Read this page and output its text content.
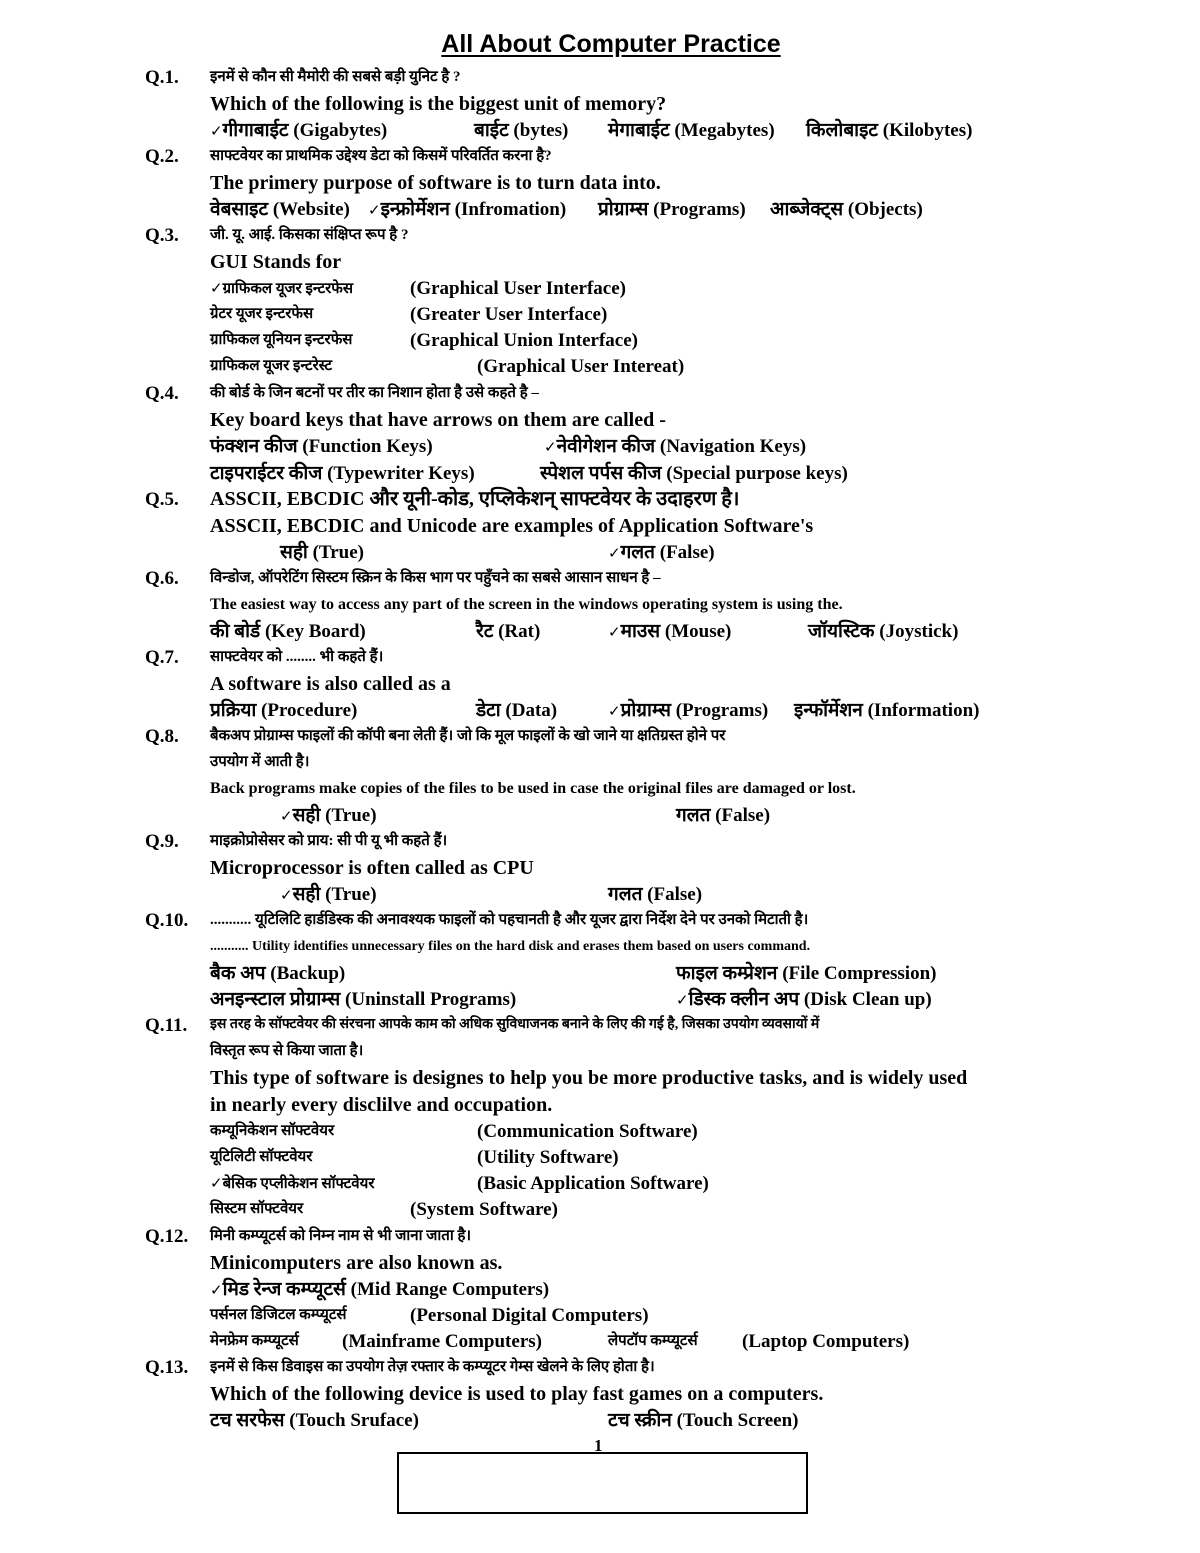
All About Computer Practice
Q.1. इनमें से कौन सी मैमोरी की सबसे बड़ी युनिट है ?
Which of the following is the biggest unit of memory?
✓गीगाबाईट (Gigabytes)	बाईट (bytes) मेगाबाईट (Megabytes) किलोबाइट (Kilobytes)
Q.2. साफ्टवेयर का प्राथमिक उद्देश्य डेटा को किसमें परिवर्तित करना है?
The primery purpose of software is to turn data into.
वेबसाइट (Website) ✓इन्फ्रोर्मेशन (Infromation) प्रोग्राम्स (Programs) आब्जेक्ट्स (Objects)
Q.3. जी. यू. आई. किसका संक्षिप्त रूप है ?
GUI Stands for
✓ग्राफिकल यूजर इन्टरफेस	(Graphical User Interface)
ग्रेटर यूजर इन्टरफेस	(Greater User Interface)
ग्राफिकल यूनियन इन्टरफेस	(Graphical Union Interface)
ग्राफिकल यूजर इन्टरेस्ट	(Graphical User Intereat)
Q.4. की बोर्ड के जिन बटनों पर तीर का निशान होता है उसे कहते है –
Key board keys that have arrows on them are called -
फंक्शन कीज (Function Keys)	✓नेवीगेशन कीज (Navigation Keys)
टाइपराईटर कीज (Typewriter Keys)	स्पेशल पर्पस कीज (Special purpose keys)
Q.5. ASSCII, EBCDIC और यूनी-कोड, एप्लिकेशन् साफ्टवेयर के उदाहरण है।
ASSCII, EBCDIC and Unicode are examples of Application Software's
सही (True)	✓गलत (False)
Q.6. विन्डोज, ऑपरेटिंग सिस्टम स्क्रिन के किस भाग पर पहुँचने का सबसे आसान साधन है –
The easiest way to access any part of the screen in the windows operating system is using the.
की बोर्ड (Key Board)	रैट (Rat)	✓माउस (Mouse)	जॉयस्टिक (Joystick)
Q.7. साफ्टवेयर को ........ भी कहते हैं।
A software is also called as a
प्रक्रिया (Procedure)	डेटा (Data)	✓प्रोग्राम्स (Programs) इन्फॉर्मेशन (Information)
Q.8. बैकअप प्रोग्राम्स फाइलों की कॉपी बना लेती हैं। जो कि मूल फाइलों के खो जाने या क्षतिग्रस्त होने पर
उपयोग में आती है।
Back programs make copies of the files to be used in case the original files are damaged or lost.
✓सही (True)	गलत (False)
Q.9. माइक्रोप्रोसेसर को प्राय: सी पी यू भी कहते हैं।
Microprocessor is often called as CPU
✓सही (True)	गलत (False)
Q.10. ........... यूटिलिटि हार्डडिस्क की अनावश्यक फाइलों को पहचानती है और यूजर द्वारा निर्देश देने पर उनको मिटाती है।
........... Utility identifies unnecessary files on the hard disk and erases them based on users command.
बैक अप (Backup)	फाइल कम्प्रेशन (File Compression)
अनइन्स्टाल प्रोग्राम्स (Uninstall Programs)	✓डिस्क क्लीन अप (Disk Clean up)
Q.11. इस तरह के सॉफ्टवेयर की संरचना आपके काम को अधिक सुविधाजनक बनाने के लिए की गई है, जिसका उपयोग व्यवसायों में
विस्तृत रूप से किया जाता है।
This type of software is designes to help you be more productive tasks, and is widely used
in nearly every disclilve and occupation.
कम्यूनिकेशन सॉफ्टवेयर	(Communication Software)
यूटिलिटी सॉफ्टवेयर	(Utility Software)
✓बेसिक एप्लीकेशन सॉफ्टवेयर	(Basic Application Software)
सिस्टम सॉफ्टवेयर	(System Software)
Q.12. मिनी कम्प्यूटर्स को निम्न नाम से भी जाना जाता है।
Minicomputers are also known as.
✓मिड रेन्ज कम्प्यूटर्स (Mid Range Computers)
पर्सनल डिजिटल कम्प्यूटर्स	(Personal Digital Computers)
मेनफ्रेम कम्प्यूटर्स (Mainframe Computers)	लेपटॉप कम्प्यूटर्स (Laptop Computers)
Q.13. इनमें से किस डिवाइस का उपयोग तेज़ रफ्तार के कम्प्यूटर गेम्स खेलने के लिए होता है।
Which of the following device is used to play fast games on a computers.
टच सरफेस (Touch Sruface)	टच स्क्रीन (Touch Screen)
1
